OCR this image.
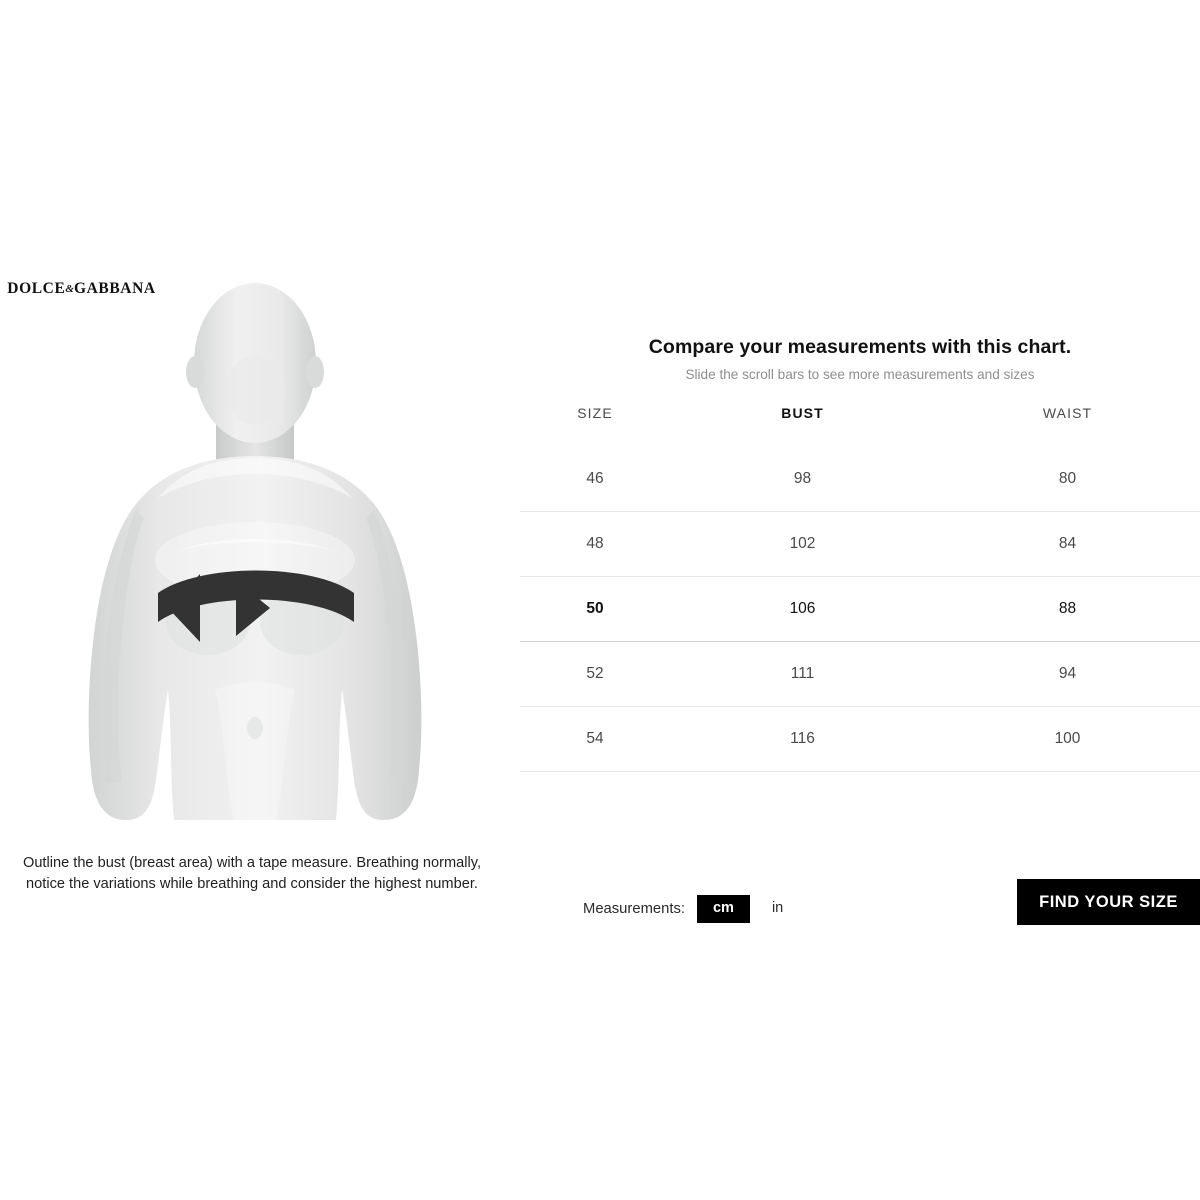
DOLCE&GABBANA
Outline the bust (breast area) with a tape measure. Breathing normally, notice the variations while breathing and consider the highest number.
Compare your measurements with this chart.
Slide the scroll bars to see more measurements and sizes
SIZE	BUST	WAIST
46	98	80
48	102	84
50	106	88
52	111	94
54	116	100
Measurements:	cm	in	FIND YOUR SIZE
